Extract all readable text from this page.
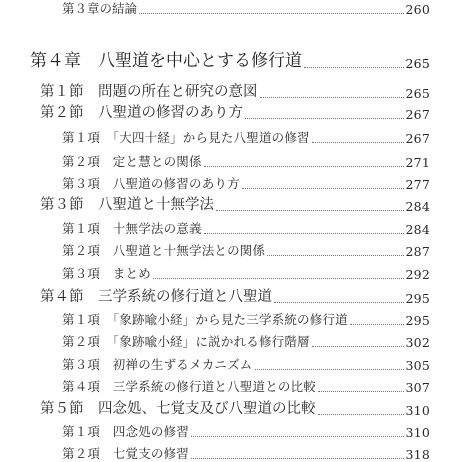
第３章の結論	260
第４章　八聖道を中心とする修行道	265
第１節　問題の所在と研究の意図	265
第２節　八聖道の修習のあり方	267
第１項　「大四十経」から見た八聖道の修習	267
第２項　定と慧との関係	271
第３項　八聖道の修習のあり方	277
第３節　八聖道と十無学法	284
第１項　十無学法の意義	284
第２項　八聖道と十無学法との関係	287
第３項　まとめ	292
第４節　三学系統の修行道と八聖道	295
第１項　「象跡喩小経」から見た三学系統の修行道	295
第２項　「象跡喩小経」に説かれる修行階層	302
第３項　初禅の生ずるメカニズム	305
第４項　三学系統の修行道と八聖道との比較	307
第５節　四念処、七覚支及び八聖道の比較	310
第１項　四念処の修習	310
第２項　七覚支の修習	318
